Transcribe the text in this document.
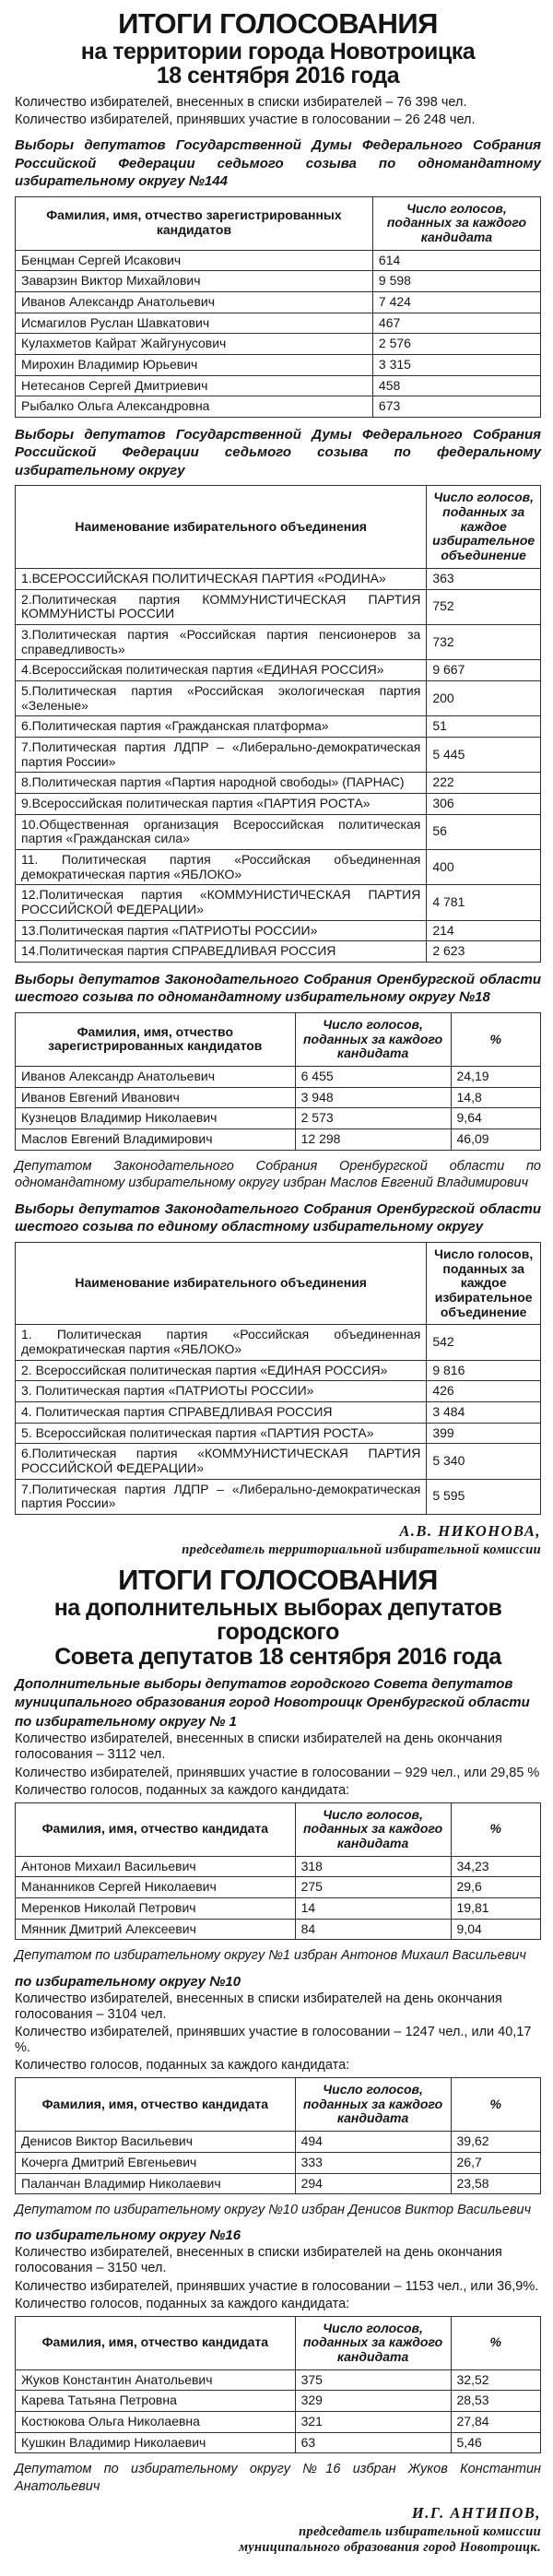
ИТОГИ ГОЛОСОВАНИЯ
на территории города Новотроицка
18 сентября 2016 года

Количество избирателей, внесенных в списки избирателей – 76 398 чел.

Количество избирателей, принявших участие в голосовании – 26 248 чел.

Выборы депутатов Государственной Думы Федерального Собрания Российской Федерации седьмого созыва по одномандатному избирательному округу №144

Фамилия, имя, отчество зарегистрированных кандидатов	Число голосов, поданных за каждого кандидата
Бенцман Сергей Исакович	614
Заварзин Виктор Михайлович	9 598
Иванов Александр Анатольевич	7 424
Исмагилов Руслан Шавкатович	467
Кулахметов Кайрат Жайгунусович	2 576
Мирохин Владимир Юрьевич	3 315
Нетесанов Сергей Дмитриевич	458
Рыбалко Ольга Александровна	673

Выборы депутатов Государственной Думы Федерального Собрания Российской Федерации седьмого созыва по федеральному избирательному округу

Наименование избирательного объединения	Число голосов, поданных за каждое избирательное объединение
1.ВСЕРОССИЙСКАЯ ПОЛИТИЧЕСКАЯ ПАРТИЯ «РОДИНА»	363
2.Политическая партия КОММУНИСТИЧЕСКАЯ ПАРТИЯ КОММУНИСТЫ РОССИИ	752
3.Политическая партия «Российская партия пенсионеров за справедливость»	732
4.Всероссийская политическая партия «ЕДИНАЯ РОССИЯ»	9 667
5.Политическая партия «Российская экологическая партия «Зеленые»	200
6.Политическая партия «Гражданская платформа»	51
7.Политическая партия ЛДПР – «Либерально-демократическая партия России»	5 445
8.Политическая партия «Партия народной свободы» (ПАРНАС)	222
9.Всероссийская политическая партия «ПАРТИЯ РОСТА»	306
10.Общественная организация Всероссийская политическая партия «Гражданская сила»	56
11. Политическая партия «Российская объединенная демократическая партия «ЯБЛОКО»	400
12.Политическая партия «КОММУНИСТИЧЕСКАЯ ПАРТИЯ РОССИЙСКОЙ ФЕДЕРАЦИИ»	4 781
13.Политическая партия «ПАТРИОТЫ РОССИИ»	214
14.Политическая партия СПРАВЕДЛИВАЯ РОССИЯ	2 623

Выборы депутатов Законодательного Собрания Оренбургской области шестого созыва по одномандатному избирательному округу №18

Фамилия, имя, отчество зарегистрированных кандидатов	Число голосов, поданных за каждого кандидата	%
Иванов Александр Анатольевич	6 455	24,19
Иванов Евгений Иванович	3 948	14,8
Кузнецов Владимир Николаевич	2 573	9,64
Маслов Евгений Владимирович	12 298	46,09

Депутатом Законодательного Собрания Оренбургской области по одномандатному избирательному округу избран Маслов Евгений Владимирович

Выборы депутатов Законодательного Собрания Оренбургской области шестого созыва по единому областному избирательному округу

Наименование избирательного объединения	Число голосов, поданных за каждое избирательное объединение
1. Политическая партия «Российская объединенная демократическая партия «ЯБЛОКО»	542
2. Всероссийская политическая партия «ЕДИНАЯ РОССИЯ»	9 816
3. Политическая партия «ПАТРИОТЫ РОССИИ»	426
4. Политическая партия СПРАВЕДЛИВАЯ РОССИЯ	3 484
5. Всероссийская политическая партия «ПАРТИЯ РОСТА»	399
6.Политическая партия «КОММУНИСТИЧЕСКАЯ ПАРТИЯ РОССИЙСКОЙ ФЕДЕРАЦИИ»	5 340
7.Политическая партия ЛДПР – «Либерально-демократическая партия России»	5 595
А.В. НИКОНОВА,
председатель территориальной избирательной комиссии
ИТОГИ ГОЛОСОВАНИЯ
на дополнительных выборах депутатов городского
Совета депутатов 18 сентября 2016 года

Дополнительные выборы депутатов городского Совета депутатов муниципального образования город Новотроицк Оренбургской области

по избирательному округу № 1

Количество избирателей, внесенных в списки избирателей на день окончания голосования – 3112 чел.

Количество избирателей, принявших участие в голосовании – 929 чел., или 29,85 %

Количество голосов, поданных за каждого кандидата:

Фамилия, имя, отчество кандидата	Число голосов, поданных за каждого кандидата	%
Антонов Михаил Васильевич	318	34,23
Мананников Сергей Николаевич	275	29,6
Меренков Николай Петрович	14	19,81
Мянник Дмитрий Алексеевич	84	9,04

Депутатом по избирательному округу №1 избран Антонов Михаил Васильевич

по избирательному округу №10

Количество избирателей, внесенных в списки избирателей на день окончания голосования – 3104 чел.

Количество избирателей, принявших участие в голосовании – 1247 чел., или 40,17 %.

Количество голосов, поданных за каждого кандидата:

Фамилия, имя, отчество кандидата	Число голосов, поданных за каждого кандидата	%
Денисов Виктор Васильевич	494	39,62
Кочерга Дмитрий Евгеньевич	333	26,7
Паланчан Владимир Николаевич	294	23,58

Депутатом по избирательному округу №10 избран Денисов Виктор Васильевич

по избирательному округу №16

Количество избирателей, внесенных в списки избирателей на день окончания голосования – 3150 чел.

Количество избирателей, принявших участие в голосовании – 1153 чел., или 36,9%.

Количество голосов, поданных за каждого кандидата:

Фамилия, имя, отчество кандидата	Число голосов, поданных за каждого кандидата	%
Жуков Константин Анатольевич	375	32,52
Карева Татьяна Петровна	329	28,53
Костюкова Ольга Николаевна	321	27,84
Кушкин Владимир Николаевич	63	5,46

Депутатом по избирательному округу №16 избран Жуков Константин Анатольевич

И.Г. АНТИПОВ,
председатель избирательной комиссии
муниципального образования город Новотроицк.
